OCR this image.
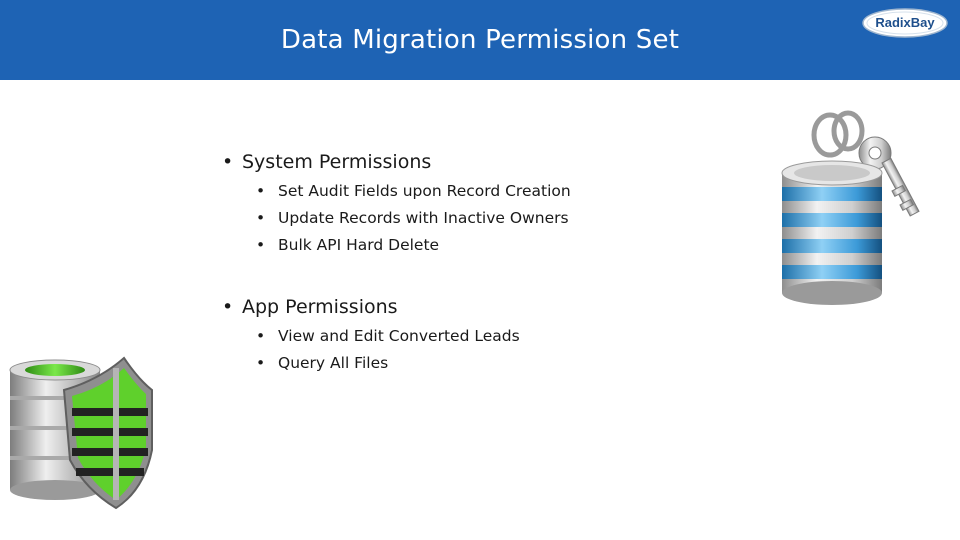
Data Migration Permission Set
RadixBay
• System Permissions
• Set Audit Fields upon Record Creation
• Update Records with Inactive Owners
• Bulk API Hard Delete
• App Permissions
• View and Edit Converted Leads
• Query All Files
